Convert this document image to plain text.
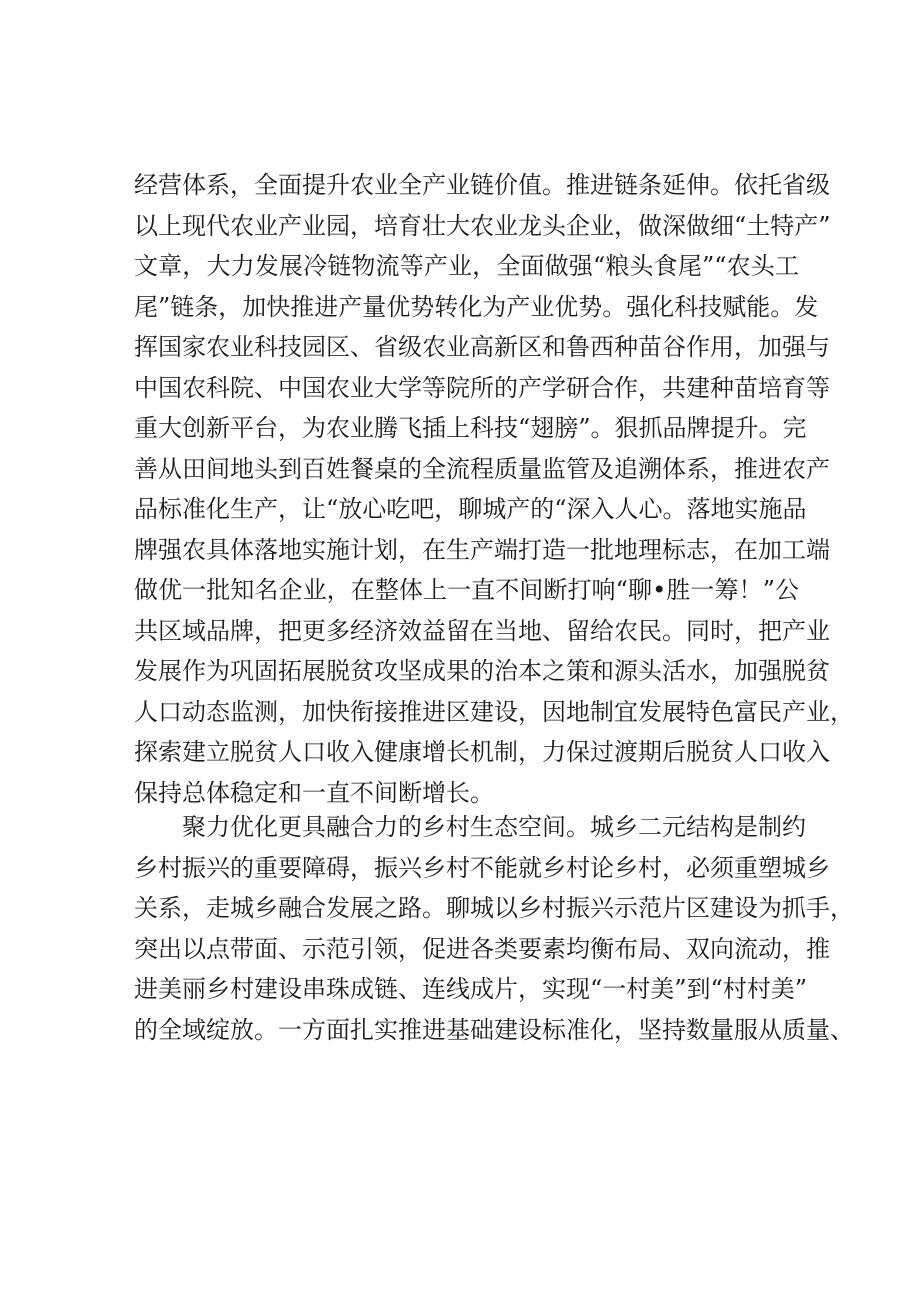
经营体系，全面提升农业全产业链价值。推进链条延伸。依托省级
以上现代农业产业园，培育壮大农业龙头企业，做深做细“土特产”
文章，大力发展冷链物流等产业，全面做强“粮头食尾”“农头工
尾”链条，加快推进产量优势转化为产业优势。强化科技赋能。发
挥国家农业科技园区、省级农业高新区和鲁西种苗谷作用，加强与
中国农科院、中国农业大学等院所的产学研合作，共建种苗培育等
重大创新平台，为农业腾飞插上科技“翅膀”。狠抓品牌提升。完
善从田间地头到百姓餐桌的全流程质量监管及追溯体系，推进农产
品标准化生产，让“放心吃吧，聊城产的“深入人心。落地实施品
牌强农具体落地实施计划，在生产端打造一批地理标志，在加工端
做优一批知名企业，在整体上一直不间断打响“聊•胜一筹！”公
共区域品牌，把更多经济效益留在当地、留给农民。同时，把产业
发展作为巩固拓展脱贫攻坚成果的治本之策和源头活水，加强脱贫
人口动态监测，加快衔接推进区建设，因地制宜发展特色富民产业，
探索建立脱贫人口收入健康增长机制，力保过渡期后脱贫人口收入
保持总体稳定和一直不间断增长。
聚力优化更具融合力的乡村生态空间。城乡二元结构是制约
乡村振兴的重要障碍，振兴乡村不能就乡村论乡村，必须重塑城乡
关系，走城乡融合发展之路。聊城以乡村振兴示范片区建设为抓手，
突出以点带面、示范引领，促进各类要素均衡布局、双向流动，推
进美丽乡村建设串珠成链、连线成片，实现“一村美”到“村村美”
的全域绽放。一方面扎实推进基础建设标准化，坚持数量服从质量、
